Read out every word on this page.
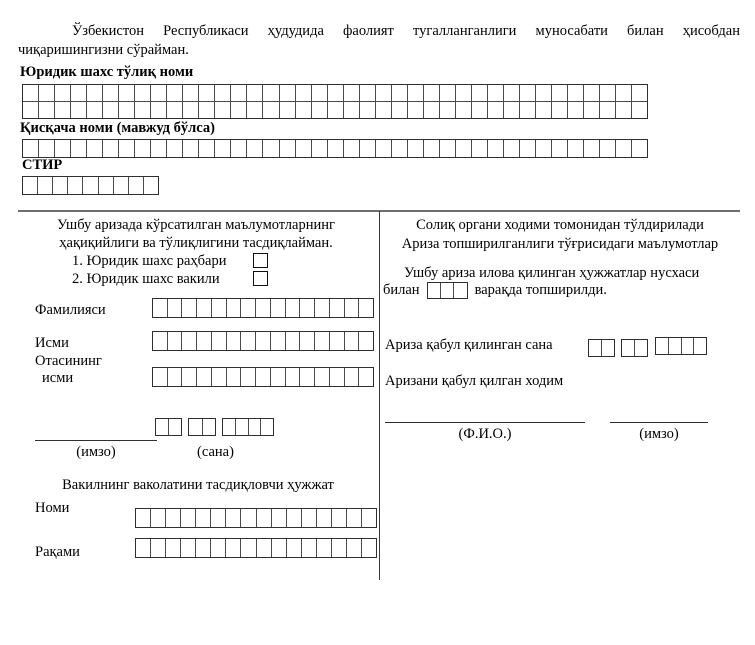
Ўзбекистон Республикаси ҳудудида фаолият тугалланганлиги муносабати билан ҳисобдан чиқаришингизни сўрайман.
Юридик шахс тўлиқ номи
Қисқача номи (мавжуд бўлса)
СТИР
Ушбу аризада кўрсатилган маълумотларнинг
ҳақиқийлиги ва тўлиқлигини тасдиқлайман.
1. Юридик шахс раҳбари
2. Юридик шахс вакили
Фамилияси
Исми
Отасининг
исми
(имзо)	(сана)
Вакилнинг ваколатини тасдиқловчи ҳужжат
Номи
Рақами
Солиқ органи ходими томонидан тўлдирилади
Ариза топширилганлиги тўғрисидаги маълумотлар
Ушбу ариза илова қилинган ҳужжатлар нусхаси
билан	варақда топширилди.
Ариза қабул қилинган сана
Аризани қабул қилган ходим
(Ф.И.О.)	(имзо)
